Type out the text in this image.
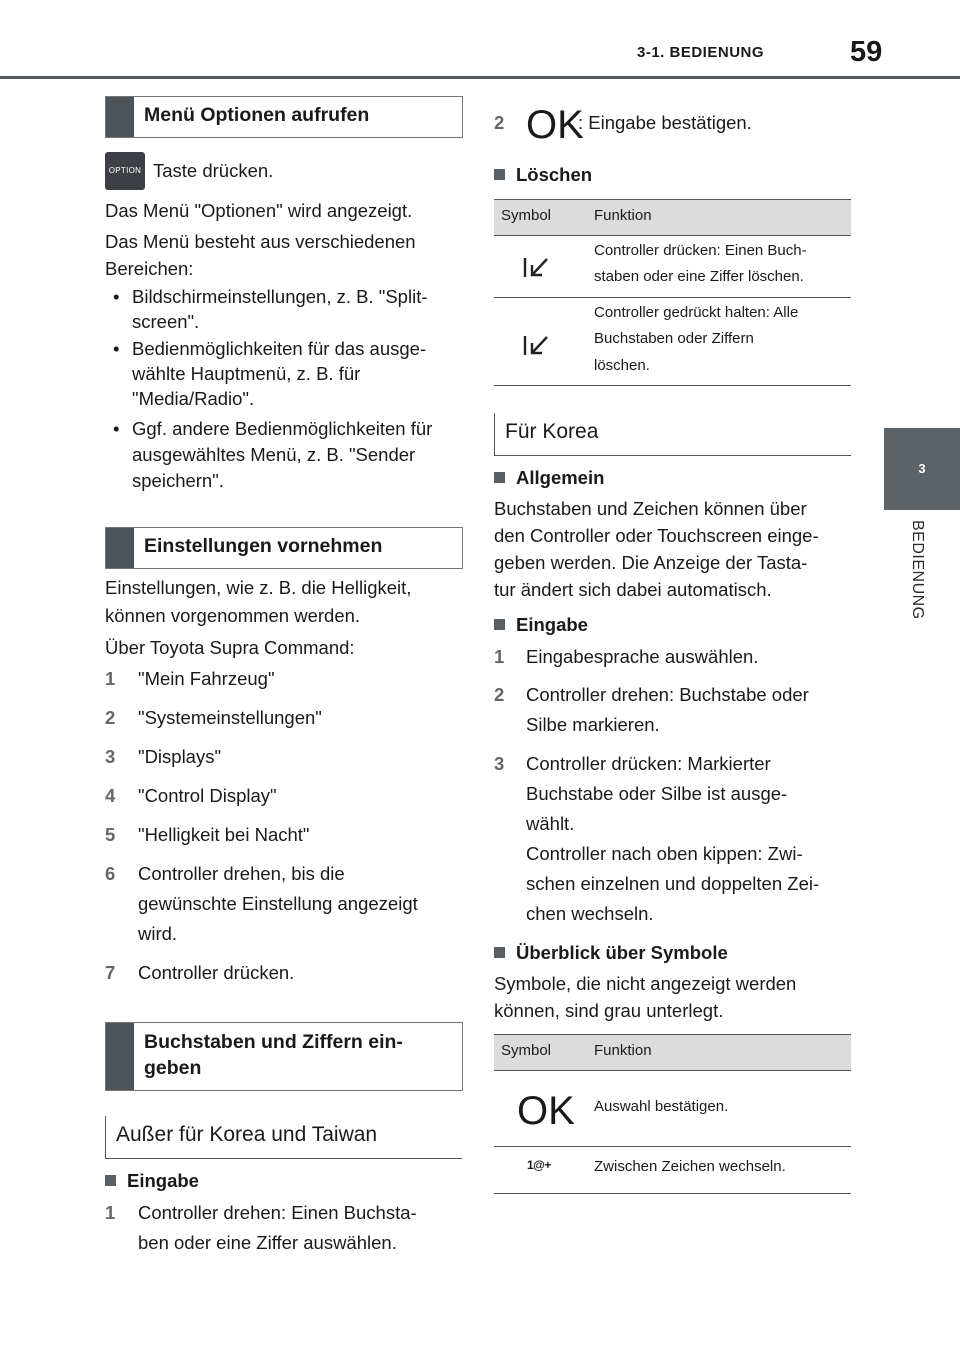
3-1. BEDIENUNG	59
3
BEDIENUNG
Menü Optionen aufrufen
OPTION Taste drücken.

Das Menü "Optionen" wird angezeigt.

Das Menü besteht aus verschiedenen

Bereichen:

• Bildschirmeinstellungen, z. B. "Split-
screen".
• Bedienmöglichkeiten für das ausge-
wählte Hauptmenü, z. B. für
"Media/Radio".
• Ggf. andere Bedienmöglichkeiten für
ausgewähltes Menü, z. B. "Sender
speichern".
Einstellungen vornehmen

Einstellungen, wie z. B. die Helligkeit,

können vorgenommen werden.

Über Toyota Supra Command:

1 "Mein Fahrzeug"

2 "Systemeinstellungen"

3 "Displays"

4 "Control Display"

5 "Helligkeit bei Nacht"

6 Controller drehen, bis die

gewünschte Einstellung angezeigt

wird.

7 Controller drücken.

Buchstaben und Ziffern ein-
geben
Außer für Korea und Taiwan
Eingabe
1 Controller drehen: Einen Buchsta-

ben oder eine Ziffer auswählen.

2 OK

: Eingabe bestätigen.

Löschen
Symbol	Funktion
Controller drücken: Einen Buch-
staben oder eine Ziffer löschen.
Controller gedrückt halten: Alle
Buchstaben oder Ziffern
löschen.
Für Korea
Allgemein

Buchstaben und Zeichen können über

den Controller oder Touchscreen einge-

geben werden. Die Anzeige der Tasta-

tur ändert sich dabei automatisch.

Eingabe
1 Eingabesprache auswählen.

2 Controller drehen: Buchstabe oder

Silbe markieren.

3 Controller drücken: Markierter

Buchstabe oder Silbe ist ausge-

wählt.

Controller nach oben kippen: Zwi-

schen einzelnen und doppelten Zei-

chen wechseln.

Überblick über Symbole

Symbole, die nicht angezeigt werden

können, sind grau unterlegt.

Symbol	Funktion
OK Auswahl bestätigen.
1@+	Zwischen Zeichen wechseln.
